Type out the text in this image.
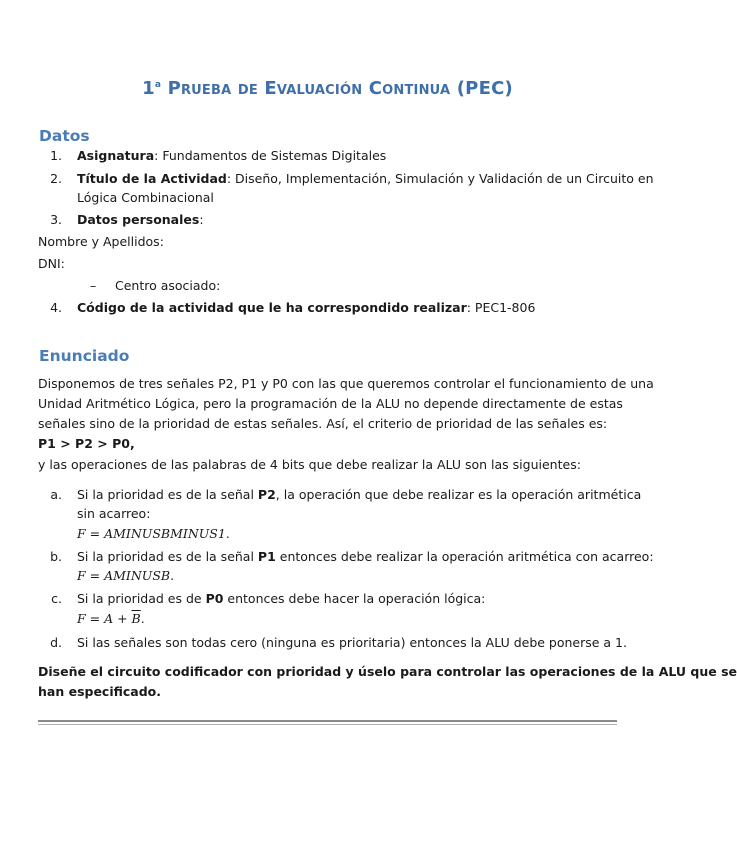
1$^a$ Prueba de Evaluación Continua (PEC)
Datos
1. Asignatura: Fundamentos de Sistemas Digitales
2. Título de la Actividad: Diseño, Implementación, Simulación y Validación de un Circuito en
Lógica Combinacional
3. Datos personales:
Nombre y Apellidos:
DNI:
– Centro asociado:
4. Código de la actividad que le ha correspondido realizar: PEC1-806
Enunciado
Disponemos de tres señales P2, P1 y P0 con las que queremos controlar el funcionamiento de una
Unidad Aritmético Lógica, pero la programación de la ALU no depende directamente de estas
señales sino de la prioridad de estas señales. Así, el criterio de prioridad de las señales es:
P1 > P2 > P0,
y las operaciones de las palabras de 4 bits que debe realizar la ALU son las siguientes:
a. Si la prioridad es de la señal P2, la operación que debe realizar es la operación aritmética
sin acarreo:
F = AMINUSBMINUS1.
b. Si la prioridad es de la señal P1 entonces debe realizar la operación aritmética con acarreo:
F = AMINUSB.
c. Si la prioridad es de P0 entonces debe hacer la operación lógica:
$F = A + \overline{B}$.
d. Si las señales son todas cero (ninguna es prioritaria) entonces la ALU debe ponerse a 1.
Diseñe el circuito codificador con prioridad y úselo para controlar las operaciones de la ALU que se
han especificado.
